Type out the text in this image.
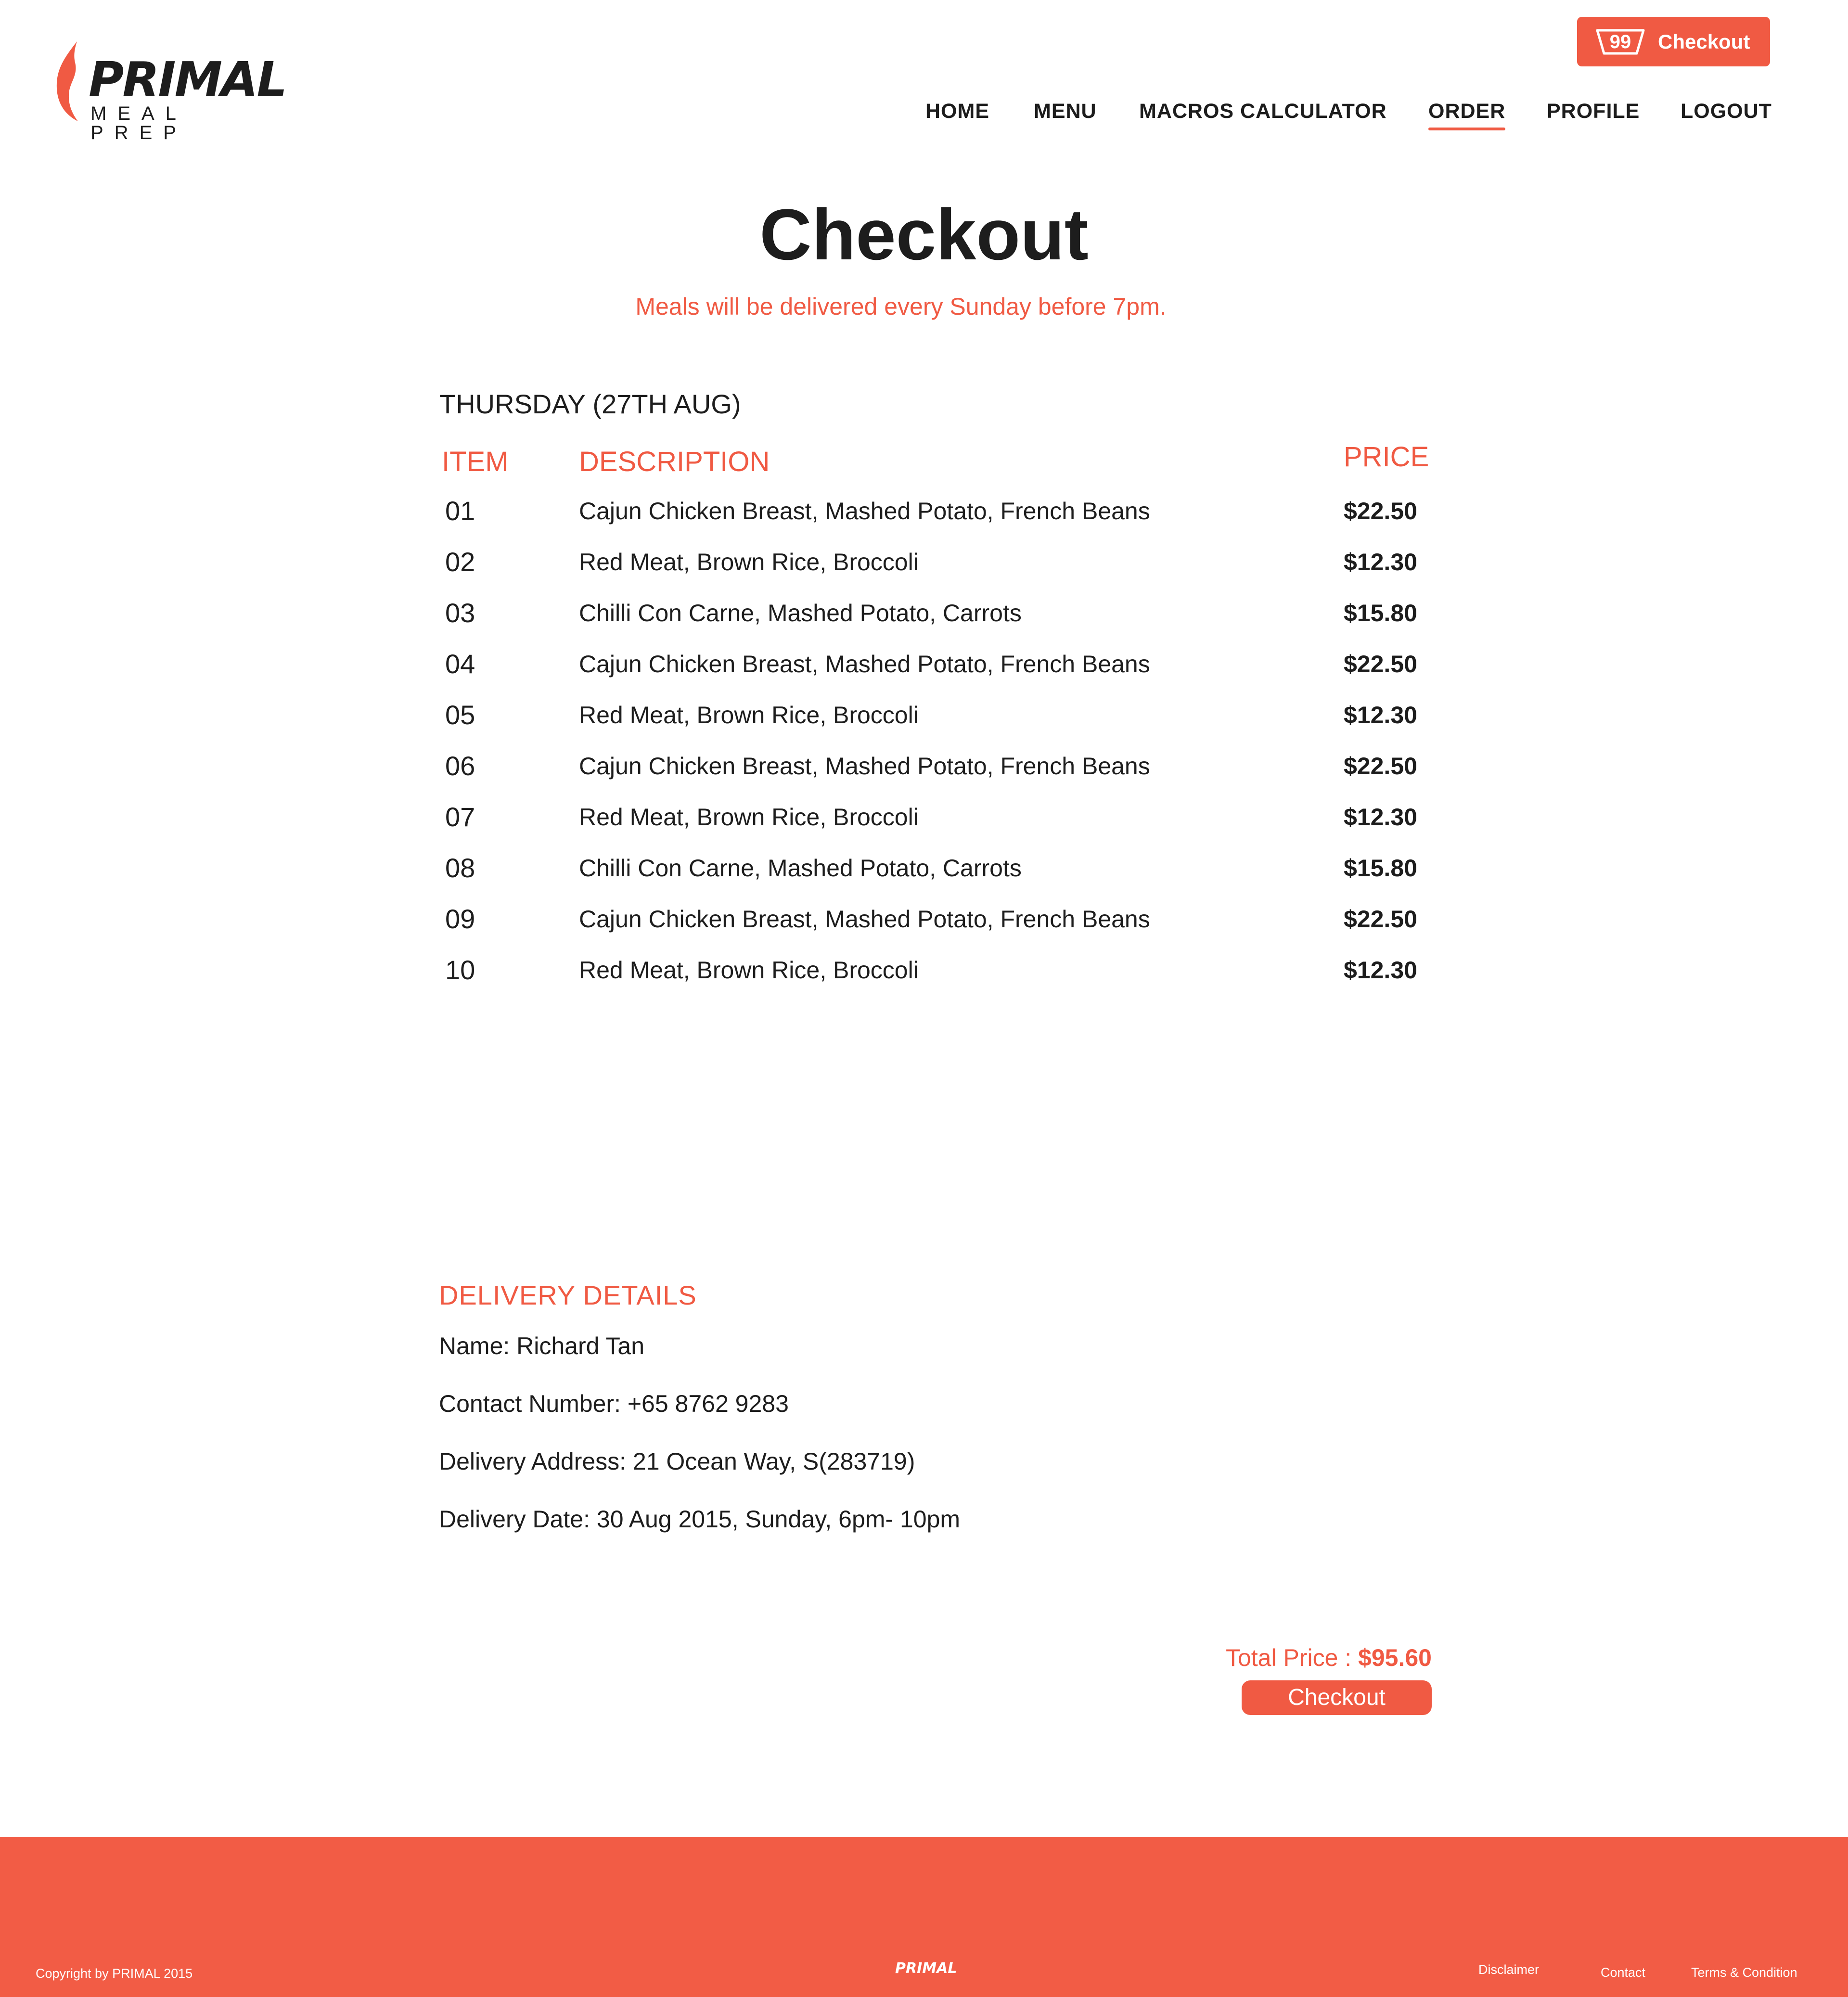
PRIMAL
MEAL PREP
99	Checkout
HOME MENU MACROS CALCULATOR ORDER PROFILE LOGOUT
Checkout

Meals will be delivered every Sunday before 7pm.

THURSDAY (27TH AUG)
ITEM	DESCRIPTION	PRICE
01	Cajun Chicken Breast, Mashed Potato, French Beans	$22.50
02	Red Meat, Brown Rice, Broccoli	$12.30
03	Chilli Con Carne, Mashed Potato, Carrots	$15.80
04	Cajun Chicken Breast, Mashed Potato, French Beans	$22.50
05	Red Meat, Brown Rice, Broccoli	$12.30
06	Cajun Chicken Breast, Mashed Potato, French Beans	$22.50
07	Red Meat, Brown Rice, Broccoli	$12.30
08	Chilli Con Carne, Mashed Potato, Carrots	$15.80
09	Cajun Chicken Breast, Mashed Potato, French Beans	$22.50
10	Red Meat, Brown Rice, Broccoli	$12.30
DELIVERY DETAILS
Name: Richard Tan
Contact Number: +65 8762 9283
Delivery Address: 21 Ocean Way, S(283719)
Delivery Date: 30 Aug 2015, Sunday, 6pm- 10pm
Total Price : $95.60
Checkout
Copyright by PRIMAL 2015	PRIMAL	Disclaimer	Contact	Terms & Condition
